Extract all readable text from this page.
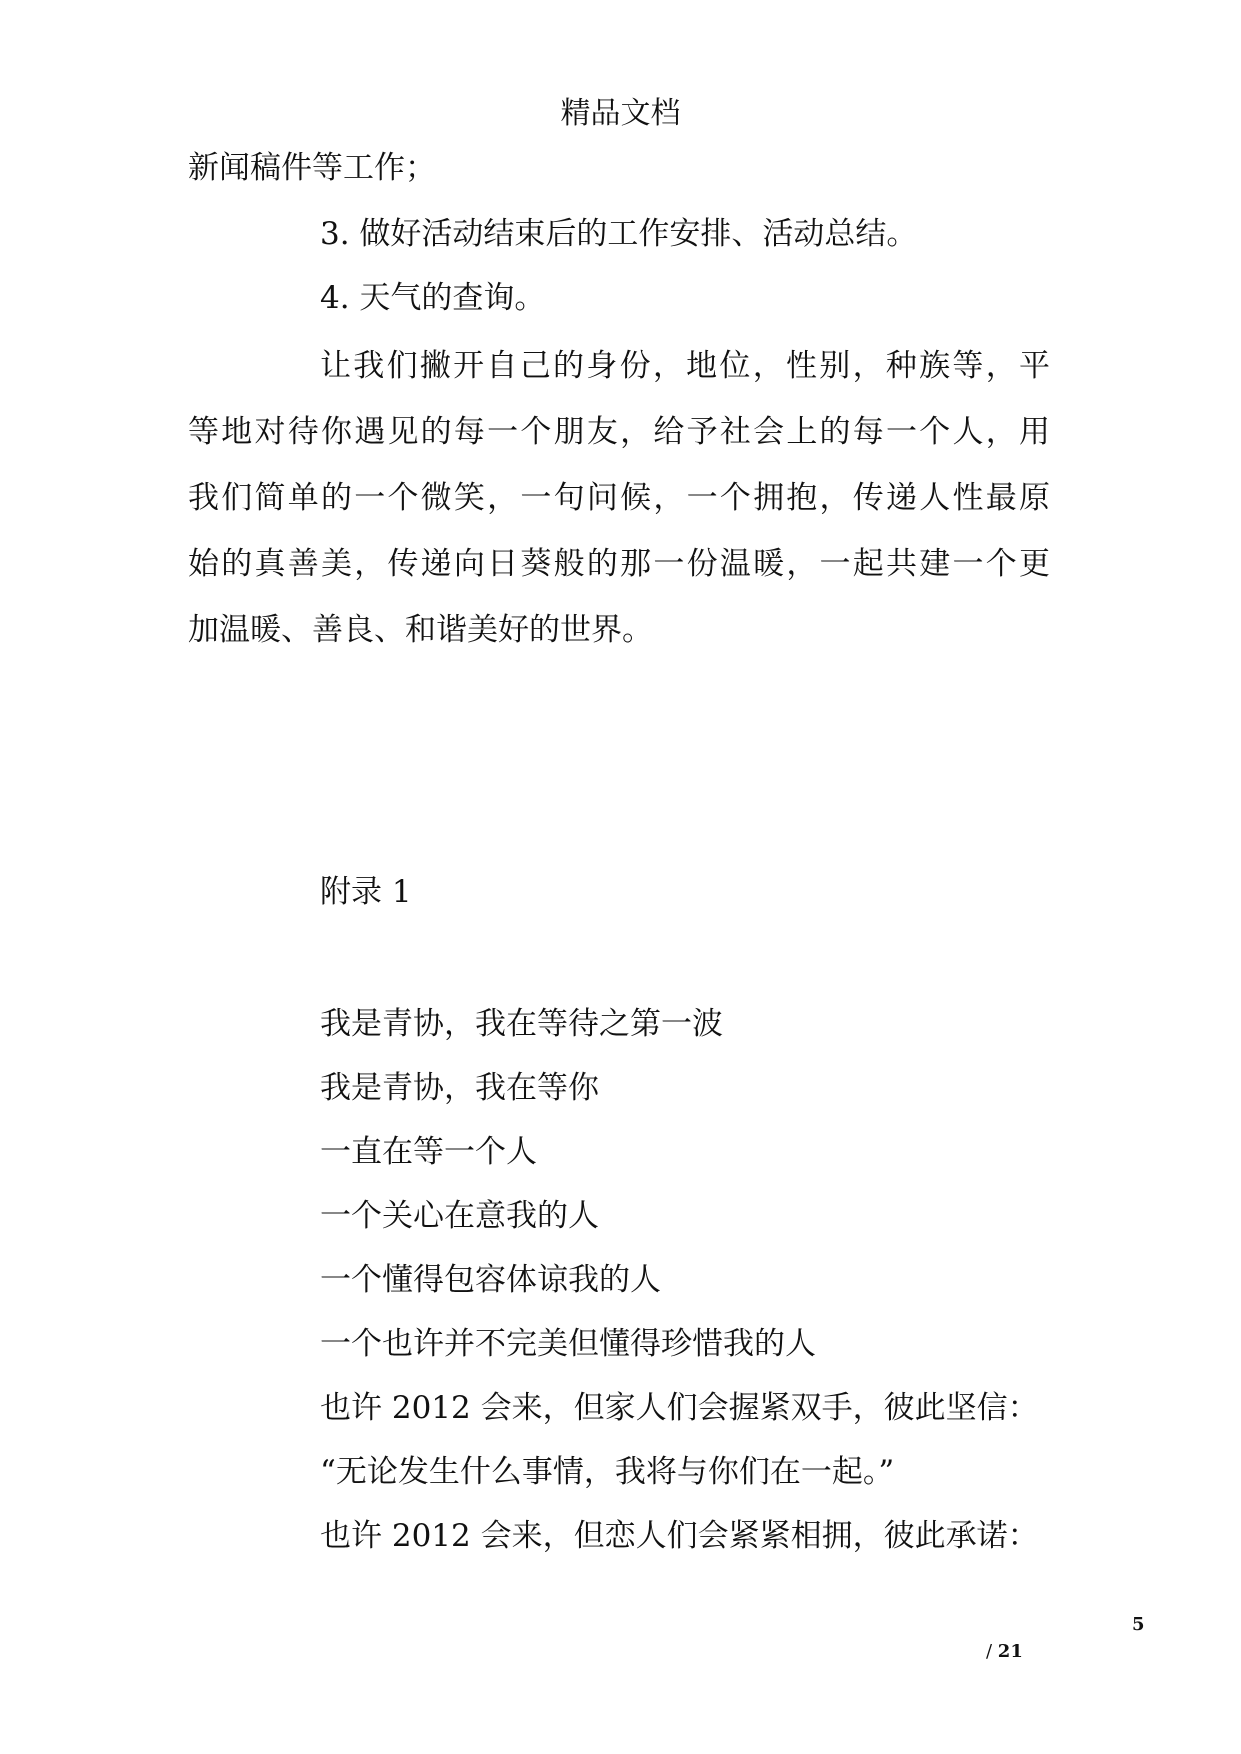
精品文档
新闻稿件等工作；
3. 做好活动结束后的工作安排、活动总结。
4. 天气的查询。
让我们撇开自己的身份，地位，性别，种族等，平
等地对待你遇见的每一个朋友，给予社会上的每一个人，用
我们简单的一个微笑，一句问候，一个拥抱，传递人性最原
始的真善美，传递向日葵般的那一份温暖，一起共建一个更
加温暖、善良、和谐美好的世界。
附录 1
我是青协，我在等待之第一波
我是青协，我在等你
一直在等一个人
一个关心在意我的人
一个懂得包容体谅我的人
一个也许并不完美但懂得珍惜我的人
也许 2012 会来，但家人们会握紧双手，彼此坚信：
“无论发生什么事情，我将与你们在一起。”
也许 2012 会来，但恋人们会紧紧相拥，彼此承诺：
5
/ 21
